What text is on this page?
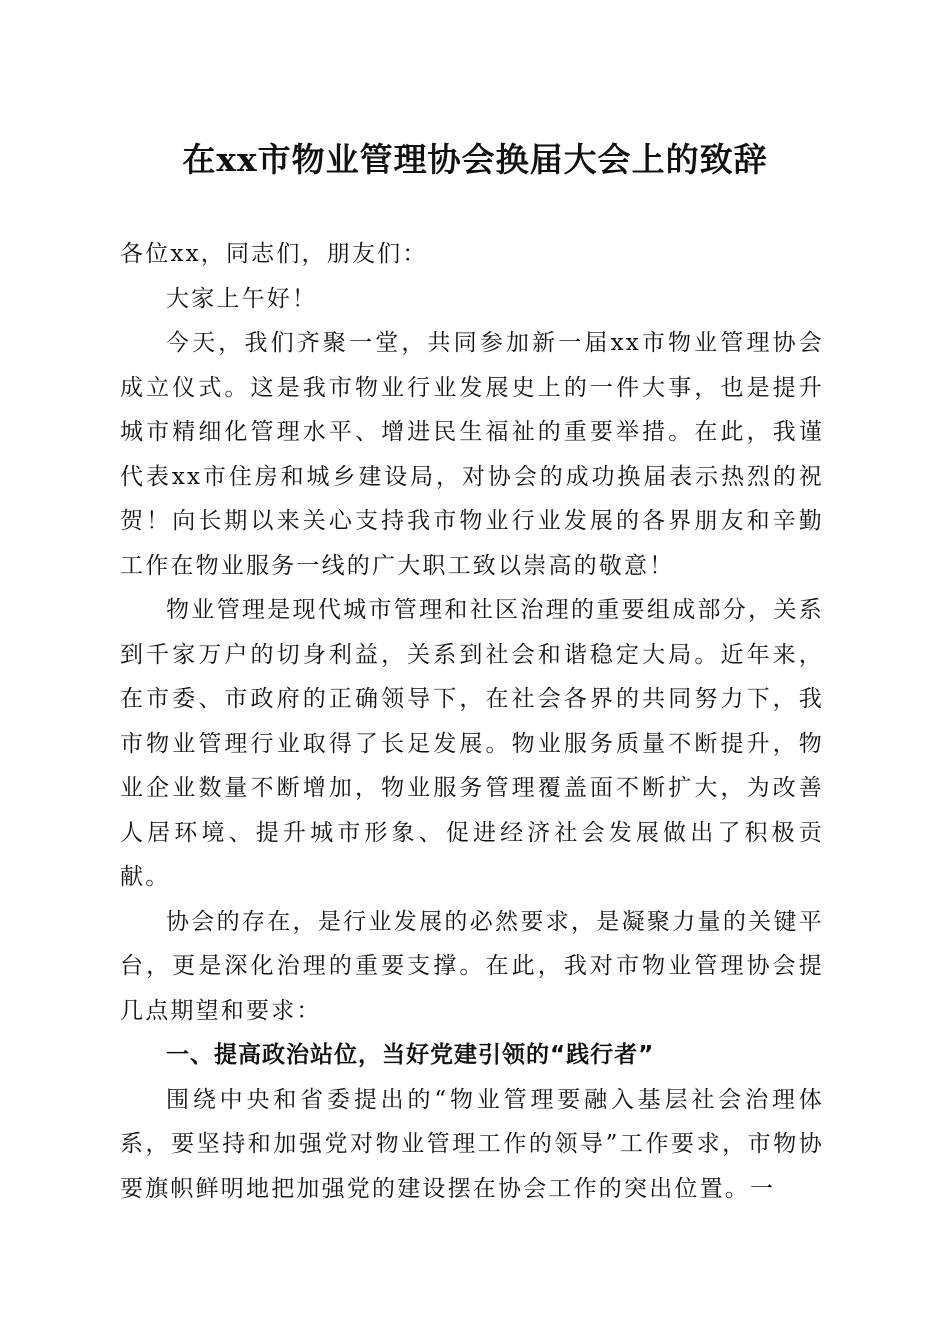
在xx市物业管理协会换届大会上的致辞

各位xx，同志们，朋友们：

大家上午好！

今天，我们齐聚一堂，共同参加新一届xx市物业管理协会成立仪式。这是我市物业行业发展史上的一件大事，也是提升城市精细化管理水平、增进民生福祉的重要举措。在此，我谨代表xx市住房和城乡建设局，对协会的成功换届表示热烈的祝贺！向长期以来关心支持我市物业行业发展的各界朋友和辛勤工作在物业服务一线的广大职工致以崇高的敬意！

物业管理是现代城市管理和社区治理的重要组成部分，关系到千家万户的切身利益，关系到社会和谐稳定大局。近年来，在市委、市政府的正确领导下，在社会各界的共同努力下，我市物业管理行业取得了长足发展。物业服务质量不断提升，物业企业数量不断增加，物业服务管理覆盖面不断扩大，为改善人居环境、提升城市形象、促进经济社会发展做出了积极贡献。

协会的存在，是行业发展的必然要求，是凝聚力量的关键平台，更是深化治理的重要支撑。在此，我对市物业管理协会提几点期望和要求：

一、提高政治站位，当好党建引领的“践行者”

围绕中央和省委提出的“物业管理要融入基层社会治理体系，要坚持和加强党对物业管理工作的领导”工作要求，市物协要旗帜鲜明地把加强党的建设摆在协会工作的突出位置。一
